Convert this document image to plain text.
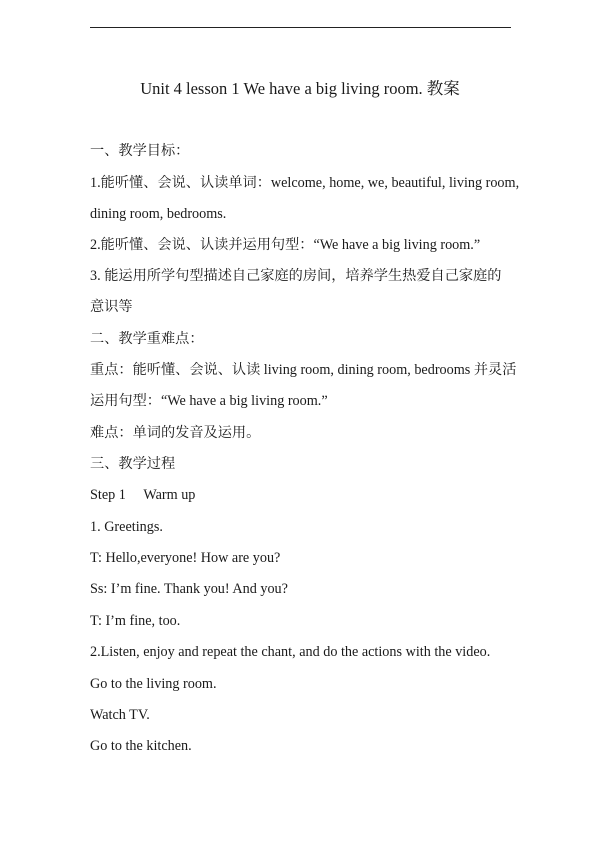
Unit 4 lesson 1 We have a big living room. 教案
一、教学目标：
1.能听懂、会说、认读单词：welcome, home, we, beautiful, living room,
dining room, bedrooms.
2.能听懂、会说、认读并运用句型：“We have a big living room.”
3. 能运用所学句型描述自己家庭的房间，培养学生热爱自己家庭的
意识等
二、教学重难点：
重点：能听懂、会说、认读 living room, dining room, bedrooms 并灵活
运用句型：“We have a big living room.”
难点：单词的发音及运用。
三、教学过程
Step 1     Warm up
1. Greetings.
T: Hello,everyone! How are you?
Ss: I’m fine. Thank you! And you?
T: I’m fine, too.
2.Listen, enjoy and repeat the chant, and do the actions with the video.
Go to the living room.
Watch TV.
Go to the kitchen.
